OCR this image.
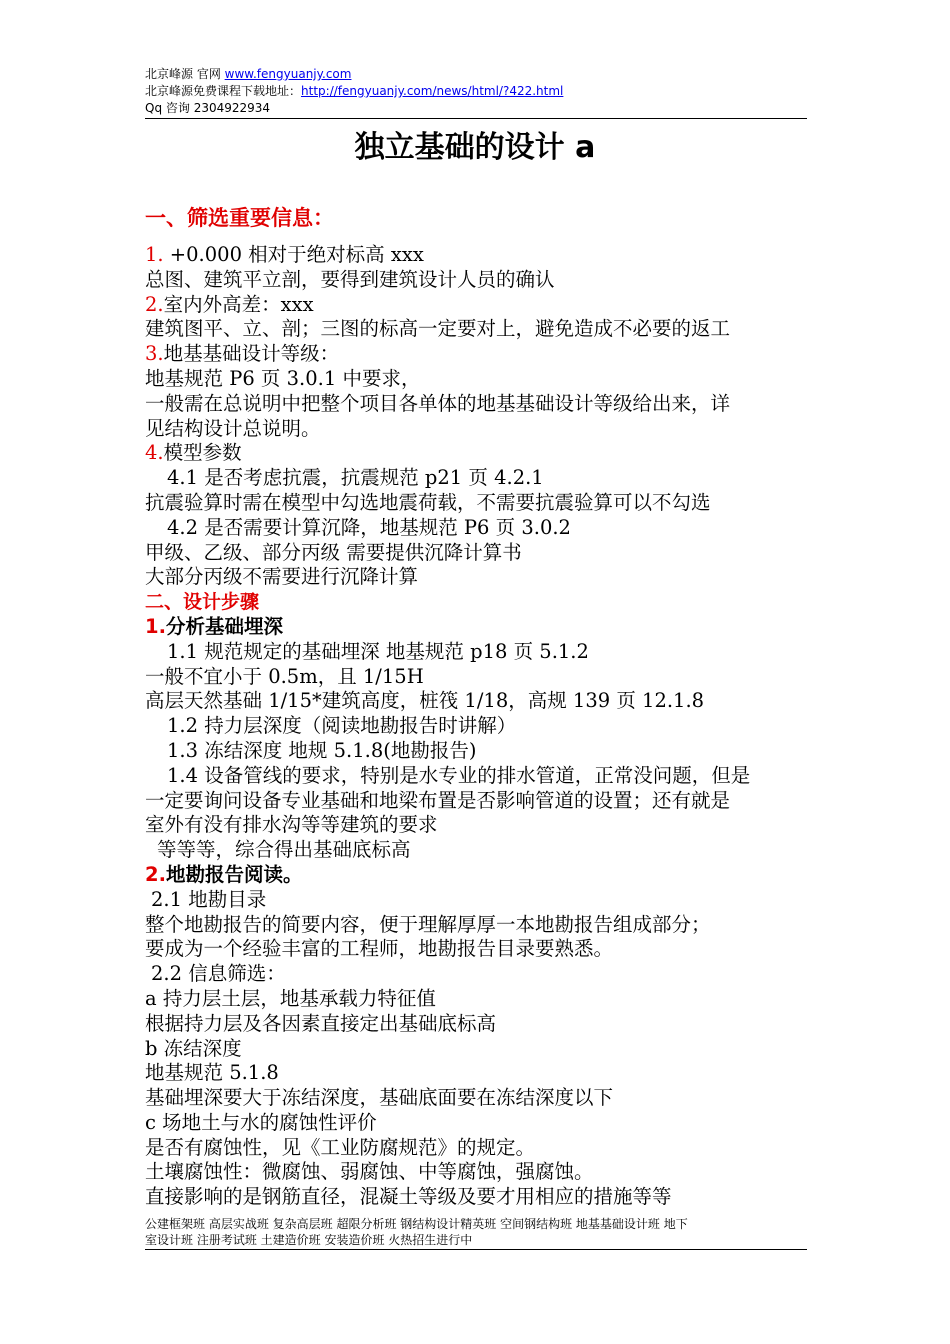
北京峰源 官网 www.fengyuanjy.com
北京峰源免费课程下载地址：http://fengyuanjy.com/news/html/?422.html
Qq 咨询 2304922934
独立基础的设计 a
一、筛选重要信息：
1. +0.000 相对于绝对标高 xxx
总图、建筑平立剖，要得到建筑设计人员的确认
2.室内外高差：xxx
建筑图平、立、剖；三图的标高一定要对上，避免造成不必要的返工
3.地基基础设计等级：
地基规范 P6 页 3.0.1 中要求，
一般需在总说明中把整个项目各单体的地基基础设计等级给出来，详
见结构设计总说明。
4.模型参数
4.1 是否考虑抗震，抗震规范 p21 页 4.2.1
抗震验算时需在模型中勾选地震荷载，不需要抗震验算可以不勾选
4.2 是否需要计算沉降，地基规范 P6 页 3.0.2
甲级、乙级、部分丙级 需要提供沉降计算书
大部分丙级不需要进行沉降计算
二、设计步骤
1.分析基础埋深
1.1 规范规定的基础埋深 地基规范 p18 页 5.1.2
一般不宜小于 0.5m，且 1/15H
高层天然基础 1/15*建筑高度，桩筏 1/18，高规 139 页 12.1.8
1.2 持力层深度（阅读地勘报告时讲解）
1.3 冻结深度 地规 5.1.8(地勘报告)
1.4 设备管线的要求，特别是水专业的排水管道，正常没问题，但是
一定要询问设备专业基础和地梁布置是否影响管道的设置；还有就是
室外有没有排水沟等等建筑的要求
等等等，综合得出基础底标高
2.地勘报告阅读。
2.1 地勘目录
整个地勘报告的简要内容，便于理解厚厚一本地勘报告组成部分；
要成为一个经验丰富的工程师，地勘报告目录要熟悉。
2.2 信息筛选：
a 持力层土层，地基承载力特征值
根据持力层及各因素直接定出基础底标高
b 冻结深度
地基规范 5.1.8
基础埋深要大于冻结深度，基础底面要在冻结深度以下
c 场地土与水的腐蚀性评价
是否有腐蚀性，见《工业防腐规范》的规定。
土壤腐蚀性：微腐蚀、弱腐蚀、中等腐蚀，强腐蚀。
直接影响的是钢筋直径，混凝土等级及要才用相应的措施等等
公建框架班 高层实战班 复杂高层班 超限分析班 钢结构设计精英班 空间钢结构班 地基基础设计班 地下
室设计班 注册考试班 土建造价班 安装造价班 火热招生进行中
